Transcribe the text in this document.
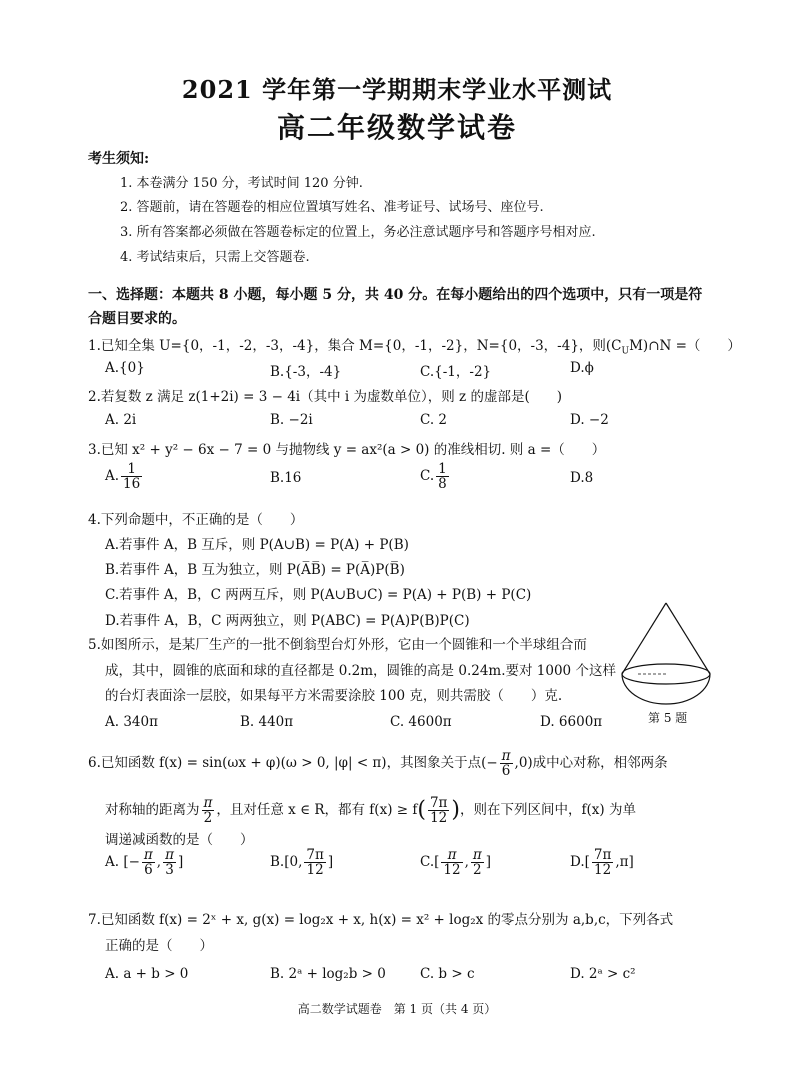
2021 学年第一学期期末学业水平测试
高二年级数学试卷
考生须知:
1. 本卷满分 150 分，考试时间 120 分钟.
2. 答题前，请在答题卷的相应位置填写姓名、准考证号、试场号、座位号.
3. 所有答案都必须做在答题卷标定的位置上，务必注意试题序号和答题序号相对应.
4. 考试结束后，只需上交答题卷.
一、选择题：本题共 8 小题，每小题 5 分，共 40 分。在每小题给出的四个选项中，只有一项是符合题目要求的。
1.已知全集 U={0，-1，-2，-3，-4}，集合 M={0，-1，-2}，N={0，-3，-4}，则$(C_UM)\cap N$ =（　　）
A.{0}	B.{-3，-4}	C.{-1，-2}	D.ϕ
2.若复数 z 满足 z(1+2i) = 3 − 4i（其中 i 为虚数单位），则 z 的虚部是(　　)
A. 2i	B. −2i	C. 2	D. −2
3.已知 x² + y² − 6x − 7 = 0 与抛物线 y = ax²(a > 0) 的准线相切. 则 a =（　　）
A. $\frac{1}{16}$	B.16	C. $\frac{1}{8}$	D.8
4.下列命题中，不正确的是（　　）
A.若事件 A，B 互斥，则 P(A∪B) = P(A) + P(B)
B.若事件 A，B 互为独立，则 P(A̅B̅) = P(A̅)P(B̅)
C.若事件 A，B，C 两两互斥，则 P(A∪B∪C) = P(A) + P(B) + P(C)
D.若事件 A，B，C 两两独立，则 P(ABC) = P(A)P(B)P(C)
5.如图所示，是某厂生产的一批不倒翁型台灯外形，它由一个圆锥和一个半球组合而
成，其中，圆锥的底面和球的直径都是 0.2m，圆锥的高是 0.24m.要对 1000 个这样
的台灯表面涂一层胶，如果每平方米需要涂胶 100 克，则共需胶（　　）克.
A. 340π	B. 440π	C. 4600π	D. 6600π	第 5 题
6.已知函数 f(x) = sin(ωx + φ)(ω > 0, |φ| < π)，其图象关于点(− $\frac{\pi}{6} ,0$)成中心对称，相邻两条
对称轴的距离为 $\frac{\pi}{2}$ ，且对任意 x ∈ R，都有 $f(x) \ge f( \frac{7\pi}{12}$ )，则在下列区间中，f(x) 为单
调递减函数的是（　　）
A. [− $\frac{\pi}{6}$ , $\frac{\pi}{3}$ ]	B.[0, $\frac{7\pi}{12}$ ]	$C.[ \frac{\pi}{12}$ , $\frac{\pi}{2}$ ]	$D.[ \frac{7\pi}{12} ,\pi]$
7.已知函数 f(x) = 2ˣ + x, g(x) = log₂x + x, h(x) = x² + log₂x 的零点分别为 a,b,c，下列各式
正确的是（　　）
A. a + b > 0	B. 2ᵃ + log₂b > 0	C. b > c	D. 2ᵃ > c²
高二数学试题卷　第 1 页（共 4 页）
